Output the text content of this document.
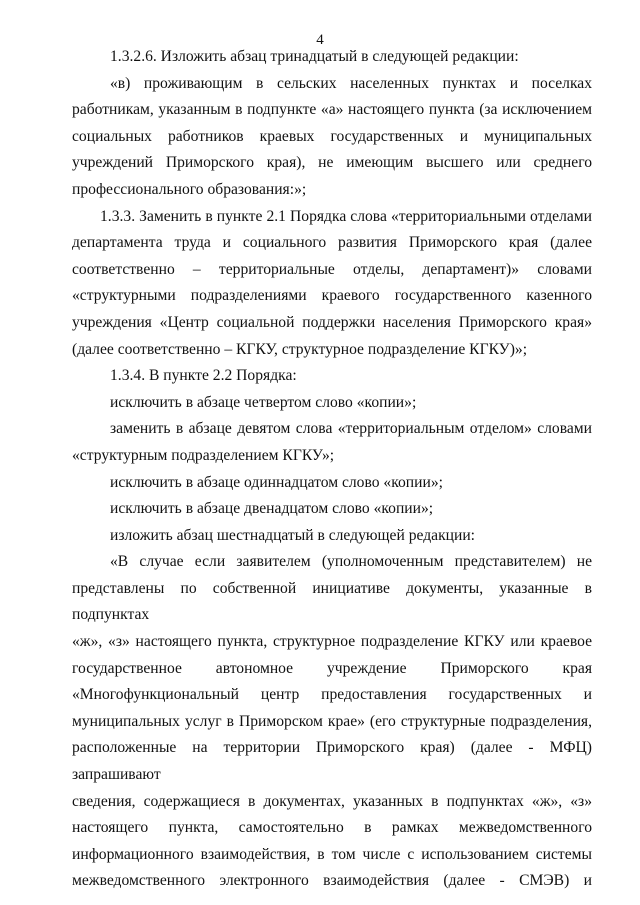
4
1.3.2.6. Изложить абзац тринадцатый в следующей редакции:
«в) проживающим в сельских населенных пунктах и поселках
работникам, указанным в подпункте «а» настоящего пункта (за исключением
социальных работников краевых государственных и муниципальных
учреждений Приморского края), не имеющим высшего или среднего
профессионального образования:»;
1.3.3. Заменить в пункте 2.1 Порядка слова «территориальными отделами
департамента труда и социального развития Приморского края (далее
соответственно – территориальные отделы, департамент)» словами
«структурными подразделениями краевого государственного казенного
учреждения «Центр социальной поддержки населения Приморского края»
(далее соответственно – КГКУ, структурное подразделение КГКУ)»;
1.3.4. В пункте 2.2 Порядка:
исключить в абзаце четвертом слово «копии»;
заменить в абзаце девятом слова «территориальным отделом» словами
«структурным подразделением КГКУ»;
исключить в абзаце одиннадцатом слово «копии»;
исключить в абзаце двенадцатом слово «копии»;
изложить абзац шестнадцатый в следующей редакции:
«В случае если заявителем (уполномоченным представителем) не
представлены по собственной инициативе документы, указанные в подпунктах
«ж», «з» настоящего пункта, структурное подразделение КГКУ или краевое
государственное автономное учреждение Приморского края
«Многофункциональный центр предоставления государственных и
муниципальных услуг в Приморском крае» (его структурные подразделения,
расположенные на территории Приморского края) (далее - МФЦ) запрашивают
сведения, содержащиеся в документах, указанных в подпунктах «ж», «з»
настоящего пункта, самостоятельно в рамках межведомственного
информационного взаимодействия, в том числе с использованием системы
межведомственного электронного взаимодействия (далее - СМЭВ) и
